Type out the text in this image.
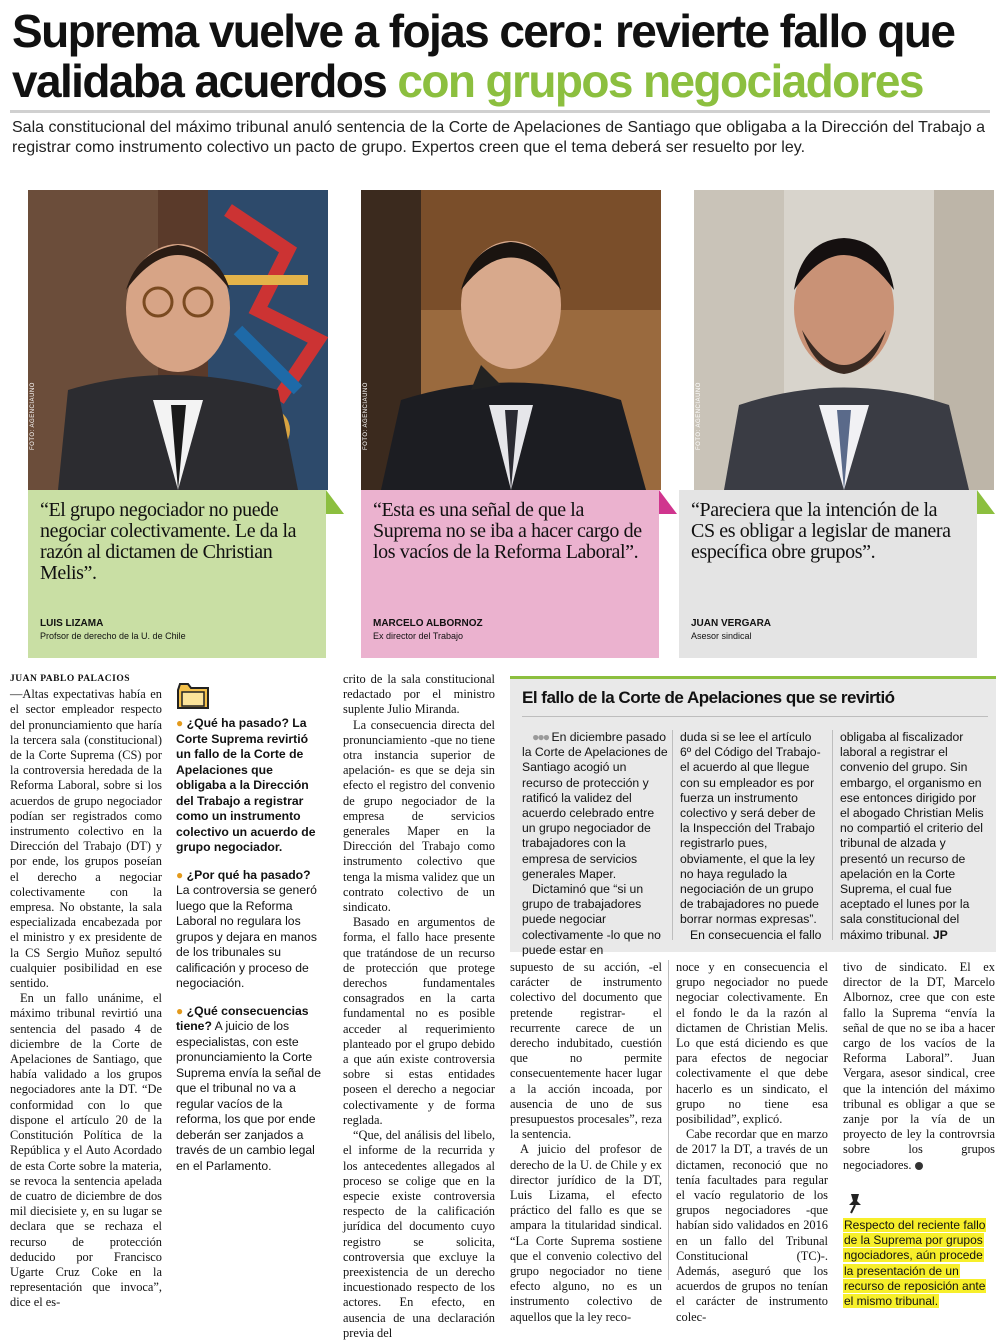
Suprema vuelve a fojas cero: revierte fallo que validaba acuerdos con grupos negociadores
Sala constitucional del máximo tribunal anuló sentencia de la Corte de Apelaciones de Santiago que obligaba a la Dirección del Trabajo a registrar como instrumento colectivo un pacto de grupo. Expertos creen que el tema deberá ser resuelto por ley.
FOTO: AGENCIAUNO	FOTO: AGENCIAUNO	FOTO: AGENCIAUNO
“El grupo negociador no puede negociar colectivamente. Le da la razón al dictamen de Christian Melis”.
LUIS LIZAMA
Profsor de derecho de la U. de Chile
“Esta es una señal de que la Suprema no se iba a hacer cargo de los vacíos de la Reforma Laboral”.
MARCELO ALBORNOZ
Ex director del Trabajo
“Pareciera que la intención de la CS es obligar a legislar de manera específica obre grupos”.
JUAN VERGARA
Asesor sindical
JUAN PABLO PALACIOS

—Altas expectativas había en el sector empleador respecto del pronunciamiento que haría la tercera sala (constitucional) de la Corte Suprema (CS) por la controversia heredada de la Reforma Laboral, sobre si los acuerdos de grupo negociador podían ser registrados como instrumento colectivo en la Dirección del Trabajo (DT) y por ende, los grupos poseían el derecho a negociar colectivamente con la empresa. No obstante, la sala especializada encabezada por el ministro y ex presidente de la CS Sergio Muñoz sepultó cualquier posibilidad en ese sentido.

En un fallo unánime, el máximo tribunal revirtió una sentencia del pasado 4 de diciembre de la Corte de Apelaciones de Santiago, que había validado a los grupos negociadores ante la DT. “De conformidad con lo que dispone el artículo 20 de la Constitución Política de la República y el Auto Acordado de esta Corte sobre la materia, se revoca la sentencia apelada de cuatro de diciembre de dos mil diecisiete y, en su lugar se declara que se rechaza el recurso de protección deducido por Francisco Ugarte Cruz Coke en la representación que invoca”, dice el es-

● ¿Qué ha pasado? La Corte Suprema revirtió un fallo de la Corte de Apelaciones que obligaba a la Dirección del Trabajo a registrar como un instrumento colectivo un acuerdo de grupo negociador.
● ¿Por qué ha pasado? La controversia se generó luego que la Reforma Laboral no regulara los grupos y dejara en manos de los tribunales su calificación y proceso de negociación.
● ¿Qué consecuencias tiene? A juicio de los especialistas, con este pronunciamiento la Corte Suprema envía la señal de que el tribunal no va a regular vacíos de la reforma, los que por ende deberán ser zanjados a través de un cambio legal en el Parlamento.

crito de la sala constitucional redactado por el ministro suplente Julio Miranda.

La consecuencia directa del pronunciamiento -que no tiene otra instancia superior de apelación- es que se deja sin efecto el registro del convenio de grupo negociador de la empresa de servicios generales Maper en la Dirección del Trabajo como instrumento colectivo que tenga la misma validez que un contrato colectivo de un sindicato.

Basado en argumentos de forma, el fallo hace presente que tratándose de un recurso de protección que protege derechos fundamentales consagrados en la carta fundamental no es posible acceder al requerimiento planteado por el grupo debido a que aún existe controversia sobre si estas entidades poseen el derecho a negociar colectivamente y de forma reglada.

“Que, del análisis del libelo, el informe de la recurrida y los antecedentes allegados al proceso se colige que en la especie existe controversia respecto de la calificación jurídica del documento cuyo registro se solicita, controversia que excluye la preexistencia de un derecho incuestionado respecto de los actores. En efecto, en ausencia de una declaración previa del

El fallo de la Corte de Apelaciones que se revirtió

●●● En diciembre pasado la Corte de Apelaciones de Santiago acogió un recurso de protección y ratificó la validez del acuerdo celebrado entre un grupo negociador de trabajadores con la empresa de servicios generales Maper.

Dictaminó que “si un grupo de trabajadores puede negociar colectivamente -lo que no puede estar en

duda si se lee el artículo 6º del Código del Trabajo- el acuerdo al que llegue con su empleador es por fuerza un instrumento colectivo y será deber de la Inspección del Trabajo registrarlo pues, obviamente, el que la ley no haya regulado la negociación de un grupo de trabajadores no puede borrar normas expresas”.

En consecuencia el fallo

obligaba al fiscalizador laboral a registrar el convenio del grupo. Sin embargo, el organismo en ese entonces dirigido por el abogado Christian Melis no compartió el criterio del tribunal de alzada y presentó un recurso de apelación en la Corte Suprema, el cual fue aceptado el lunes por la sala constitucional del máximo tribunal. JP

supuesto de su acción, -el carácter de instrumento colectivo del documento que pretende registrar- el recurrente carece de un derecho indubitado, cuestión que no permite consecuentemente hacer lugar a la acción incoada, por ausencia de uno de sus presupuestos procesales”, reza la sentencia.

A juicio del profesor de derecho de la U. de Chile y ex director jurídico de la DT, Luis Lizama, el efecto práctico del fallo es que se ampara la titularidad sindical. “La Corte Suprema sostiene que el convenio colectivo del grupo negociador no tiene efecto alguno, no es un instrumento colectivo de aquellos que la ley reco-

noce y en consecuencia el grupo negociador no puede negociar colectivamente. En el fondo le da la razón al dictamen de Christian Melis. Lo que está diciendo es que para efectos de negociar colectivamente el que debe hacerlo es un sindicato, el grupo no tiene esa posibilidad”, explicó.

Cabe recordar que en marzo de 2017 la DT, a través de un dictamen, reconoció que no tenía facultades para regular el vacío regulatorio de los grupos negociadores -que habían sido validados en 2016 en un fallo del Tribunal Constitucional (TC)-. Además, aseguró que los acuerdos de grupos no tenían el carácter de instrumento colec-

tivo de sindicato. El ex director de la DT, Marcelo Albornoz, cree que con este fallo la Suprema “envía la señal de que no se iba a hacer cargo de los vacíos de la Reforma Laboral”. Juan Vergara, asesor sindical, cree que la intención del máximo tribunal es obligar a que se zanje por la vía de un proyecto de ley la controvrsia sobre los grupos negociadores.

Respecto del reciente fallo de la Suprema por grupos ngociadores, aún procede la presentación de un recurso de reposición ante el mismo tribunal.
